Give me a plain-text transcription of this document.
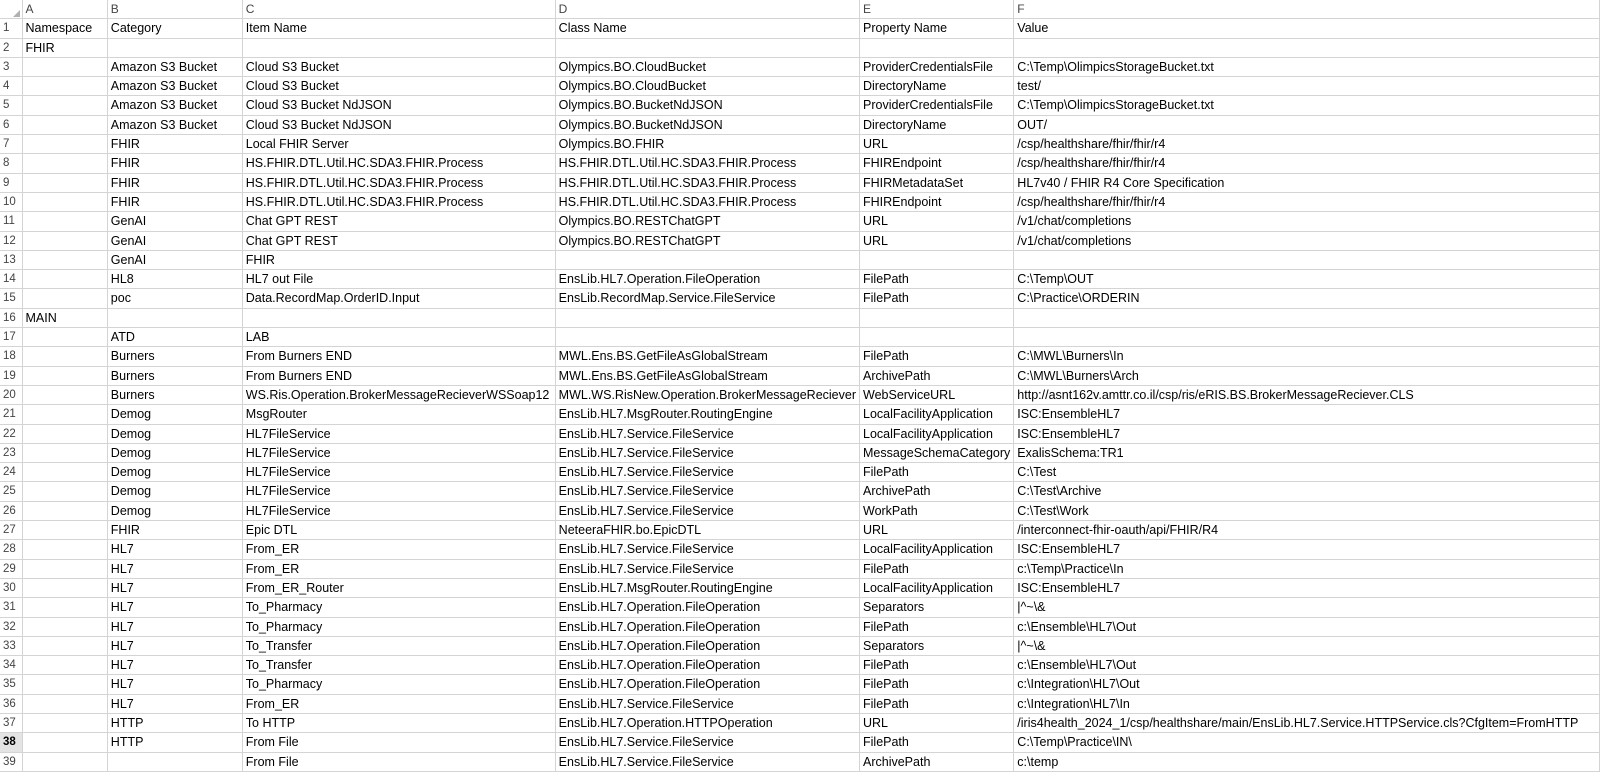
	A	B	C	D	E	F
1	Namespace	Category	Item Name	Class Name	Property Name	Value
2	FHIR					
3		Amazon S3 Bucket	Cloud S3 Bucket	Olympics.BO.CloudBucket	ProviderCredentialsFile	C:\Temp\OlimpicsStorageBucket.txt
4		Amazon S3 Bucket	Cloud S3 Bucket	Olympics.BO.CloudBucket	DirectoryName	test/
5		Amazon S3 Bucket	Cloud S3 Bucket NdJSON	Olympics.BO.BucketNdJSON	ProviderCredentialsFile	C:\Temp\OlimpicsStorageBucket.txt
6		Amazon S3 Bucket	Cloud S3 Bucket NdJSON	Olympics.BO.BucketNdJSON	DirectoryName	OUT/
7		FHIR	Local FHIR Server	Olympics.BO.FHIR	URL	/csp/healthshare/fhir/fhir/r4
8		FHIR	HS.FHIR.DTL.Util.HC.SDA3.FHIR.Process	HS.FHIR.DTL.Util.HC.SDA3.FHIR.Process	FHIREndpoint	/csp/healthshare/fhir/fhir/r4
9		FHIR	HS.FHIR.DTL.Util.HC.SDA3.FHIR.Process	HS.FHIR.DTL.Util.HC.SDA3.FHIR.Process	FHIRMetadataSet	HL7v40 / FHIR R4 Core Specification
10		FHIR	HS.FHIR.DTL.Util.HC.SDA3.FHIR.Process	HS.FHIR.DTL.Util.HC.SDA3.FHIR.Process	FHIREndpoint	/csp/healthshare/fhir/fhir/r4
11		GenAI	Chat GPT REST	Olympics.BO.RESTChatGPT	URL	/v1/chat/completions
12		GenAI	Chat GPT REST	Olympics.BO.RESTChatGPT	URL	/v1/chat/completions
13		GenAI	FHIR			
14		HL8	HL7 out File	EnsLib.HL7.Operation.FileOperation	FilePath	C:\Temp\OUT
15		poc	Data.RecordMap.OrderID.Input	EnsLib.RecordMap.Service.FileService	FilePath	C:\Practice\ORDERIN
16	MAIN					
17		ATD	LAB			
18		Burners	From Burners END	MWL.Ens.BS.GetFileAsGlobalStream	FilePath	C:\MWL\Burners\In
19		Burners	From Burners END	MWL.Ens.BS.GetFileAsGlobalStream	ArchivePath	C:\MWL\Burners\Arch
20		Burners	WS.Ris.Operation.BrokerMessageRecieverWSSoap12	MWL.WS.RisNew.Operation.BrokerMessageReciever	WebServiceURL	http://asnt162v.amttr.co.il/csp/ris/eRIS.BS.BrokerMessageReciever.CLS
21		Demog	MsgRouter	EnsLib.HL7.MsgRouter.RoutingEngine	LocalFacilityApplication	ISC:EnsembleHL7
22		Demog	HL7FileService	EnsLib.HL7.Service.FileService	LocalFacilityApplication	ISC:EnsembleHL7
23		Demog	HL7FileService	EnsLib.HL7.Service.FileService	MessageSchemaCategory	ExalisSchema:TR1
24		Demog	HL7FileService	EnsLib.HL7.Service.FileService	FilePath	C:\Test
25		Demog	HL7FileService	EnsLib.HL7.Service.FileService	ArchivePath	C:\Test\Archive
26		Demog	HL7FileService	EnsLib.HL7.Service.FileService	WorkPath	C:\Test\Work
27		FHIR	Epic DTL	NeteeraFHIR.bo.EpicDTL	URL	/interconnect-fhir-oauth/api/FHIR/R4
28		HL7	From_ER	EnsLib.HL7.Service.FileService	LocalFacilityApplication	ISC:EnsembleHL7
29		HL7	From_ER	EnsLib.HL7.Service.FileService	FilePath	c:\Temp\Practice\In
30		HL7	From_ER_Router	EnsLib.HL7.MsgRouter.RoutingEngine	LocalFacilityApplication	ISC:EnsembleHL7
31		HL7	To_Pharmacy	EnsLib.HL7.Operation.FileOperation	Separators	|^~\&
32		HL7	To_Pharmacy	EnsLib.HL7.Operation.FileOperation	FilePath	c:\Ensemble\HL7\Out
33		HL7	To_Transfer	EnsLib.HL7.Operation.FileOperation	Separators	|^~\&
34		HL7	To_Transfer	EnsLib.HL7.Operation.FileOperation	FilePath	c:\Ensemble\HL7\Out
35		HL7	To_Pharmacy	EnsLib.HL7.Operation.FileOperation	FilePath	c:\Integration\HL7\Out
36		HL7	From_ER	EnsLib.HL7.Service.FileService	FilePath	c:\Integration\HL7\In
37		HTTP	To HTTP	EnsLib.HL7.Operation.HTTPOperation	URL	/iris4health_2024_1/csp/healthshare/main/EnsLib.HL7.Service.HTTPService.cls?CfgItem=FromHTTP
38		HTTP	From File	EnsLib.HL7.Service.FileService	FilePath	C:\Temp\Practice\IN\
39			From File	EnsLib.HL7.Service.FileService	ArchivePath	c:\temp
